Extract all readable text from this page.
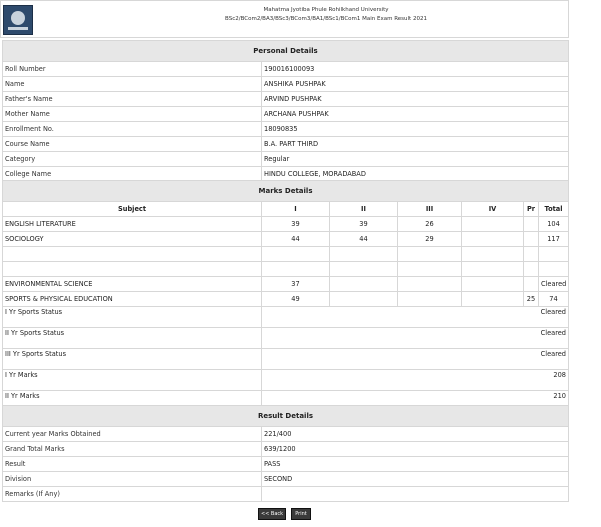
Mahatma Jyotiba Phule Rohilkhand University
BSc2/BCom2/BA3/BSc3/BCom3/BA1/BSc1/BCom1 Main Exam Result 2021
Personal Details	
Roll Number	190016100093
Name	ANSHIKA PUSHPAK
Father's Name	ARVIND PUSHPAK
Mother Name	ARCHANA PUSHPAK
Enrollment No.	18090835
Course Name	B.A. PART THIRD
Category	Regular
College Name	HINDU COLLEGE, MORADABAD
Marks Details						
Subject	I	II	III	IV	Pr	Total
ENGLISH LITERATURE	39	39	26			104
SOCIOLOGY	44	44	29			117

ENVIRONMENTAL SCIENCE	37					Cleared
SPORTS & PHYSICAL EDUCATION	49				25	74
I Yr Sports Status	Cleared					
II Yr Sports Status	Cleared					
III Yr Sports Status	Cleared					
I Yr Marks	208					
II Yr Marks	210					
Result Details	
Current year Marks Obtained	221/400
Grand Total Marks	639/1200
Result	PASS
Division	SECOND
Remarks (If Any)	
<< Back	Print
